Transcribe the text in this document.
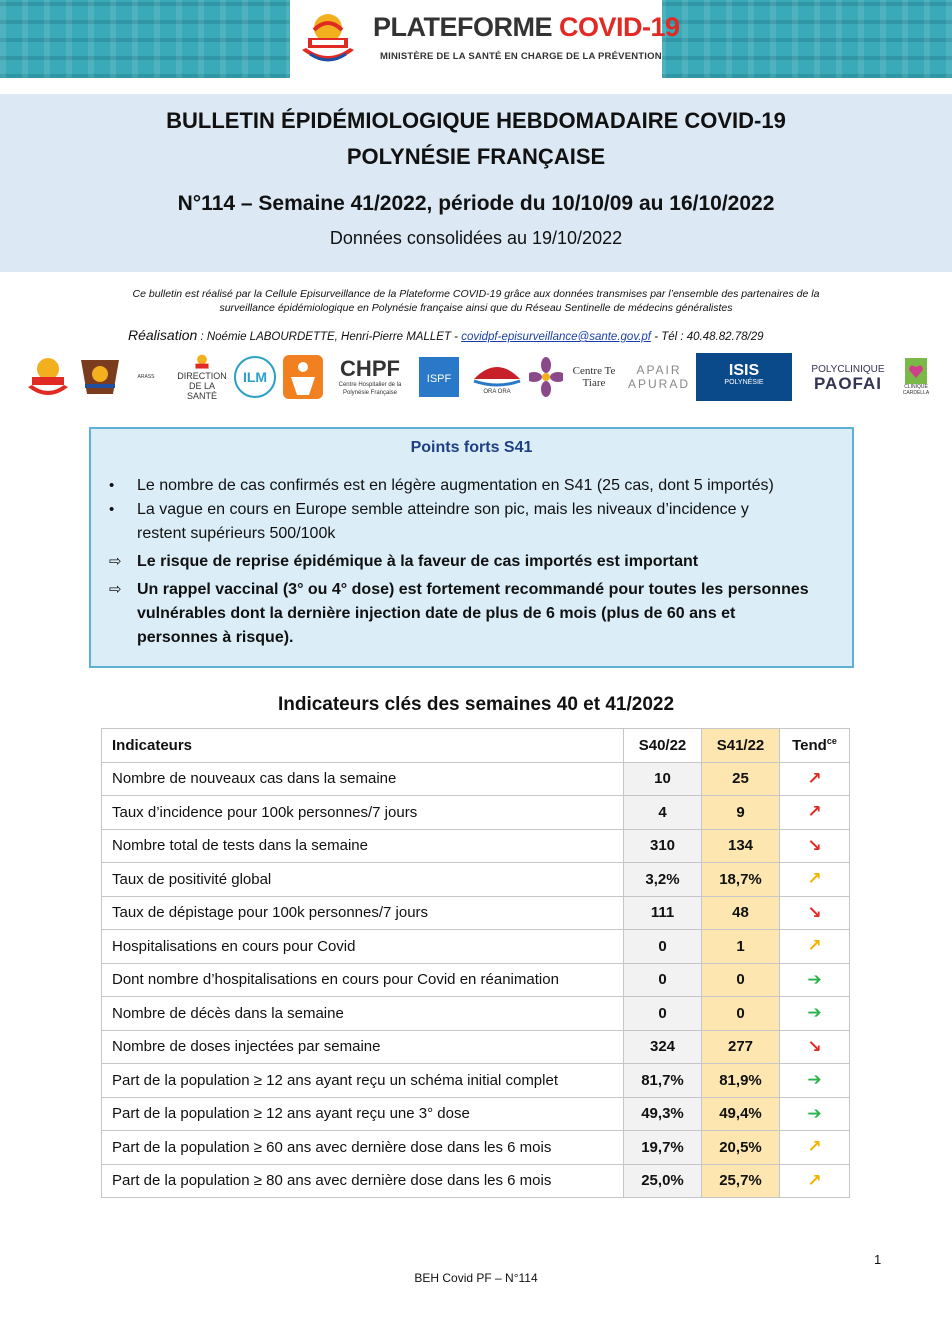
PLATEFORME COVID-19
MINISTÈRE DE LA SANTÉ EN CHARGE DE LA PRÉVENTION
BULLETIN ÉPIDÉMIOLOGIQUE HEBDOMADAIRE COVID-19
POLYNÉSIE FRANÇAISE
N°114 – Semaine 41/2022, période du 10/10/09 au 16/10/2022
Données consolidées au 19/10/2022
Ce bulletin est réalisé par la Cellule Episurveillance de la Plateforme COVID-19 grâce aux données transmises par l’ensemble des partenaires de la
surveillance épidémiologique en Polynésie française ainsi que du Réseau Sentinelle de médecins généralistes
Réalisation : Noémie LABOURDETTE, Henri-Pierre MALLET - covidpf-episurveillance@sante.gov.pf - Tél : 40.48.82.78/29
ARASS	DIRECTION DE LA SANTÉ
ILM	CHPF
Centre Hospitalier de la Polynésie Française
ISPF
ORA ORA
Centre Te Tiare
APAIR
APURAD
ISIS
POLYNÉSIE
POLYCLINIQUE
PAOFAI	CLINIQUE CARDELLA
Points forts S41
• Le nombre de cas confirmés est en légère augmentation en S41 (25 cas, dont 5 importés)
• La vague en cours en Europe semble atteindre son pic, mais les niveaux d’incidence y
restent supérieurs 500/100k
⇨ Le risque de reprise épidémique à la faveur de cas importés est important
⇨ Un rappel vaccinal (3° ou 4° dose) est fortement recommandé pour toutes les personnes
vulnérables dont la dernière injection date de plus de 6 mois (plus de 60 ans et
personnes à risque).
Indicateurs clés des semaines 40 et 41/2022
Indicateurs	S40/22	S41/22	Tend$^{ce}$
Nombre de nouveaux cas dans la semaine	10	25	↗
Taux d’incidence pour 100k personnes/7 jours	4	9	↗
Nombre total de tests dans la semaine	310	134	↘
Taux de positivité global	3,2%	18,7%	↗
Taux de dépistage pour 100k personnes/7 jours	111	48	↘
Hospitalisations en cours pour Covid	0	1	↗
Dont nombre d’hospitalisations en cours pour Covid en réanimation	0	0	➔
Nombre de décès dans la semaine	0	0	➔
Nombre de doses injectées par semaine	324	277	↘
Part de la population ≥ 12 ans ayant reçu un schéma initial complet	81,7%	81,9%	➔
Part de la population ≥ 12 ans ayant reçu une 3° dose	49,3%	49,4%	➔
Part de la population ≥ 60 ans avec dernière dose dans les 6 mois	19,7%	20,5%	↗
Part de la population ≥ 80 ans avec dernière dose dans les 6 mois	25,0%	25,7%	↗
1
BEH Covid PF – N°114
